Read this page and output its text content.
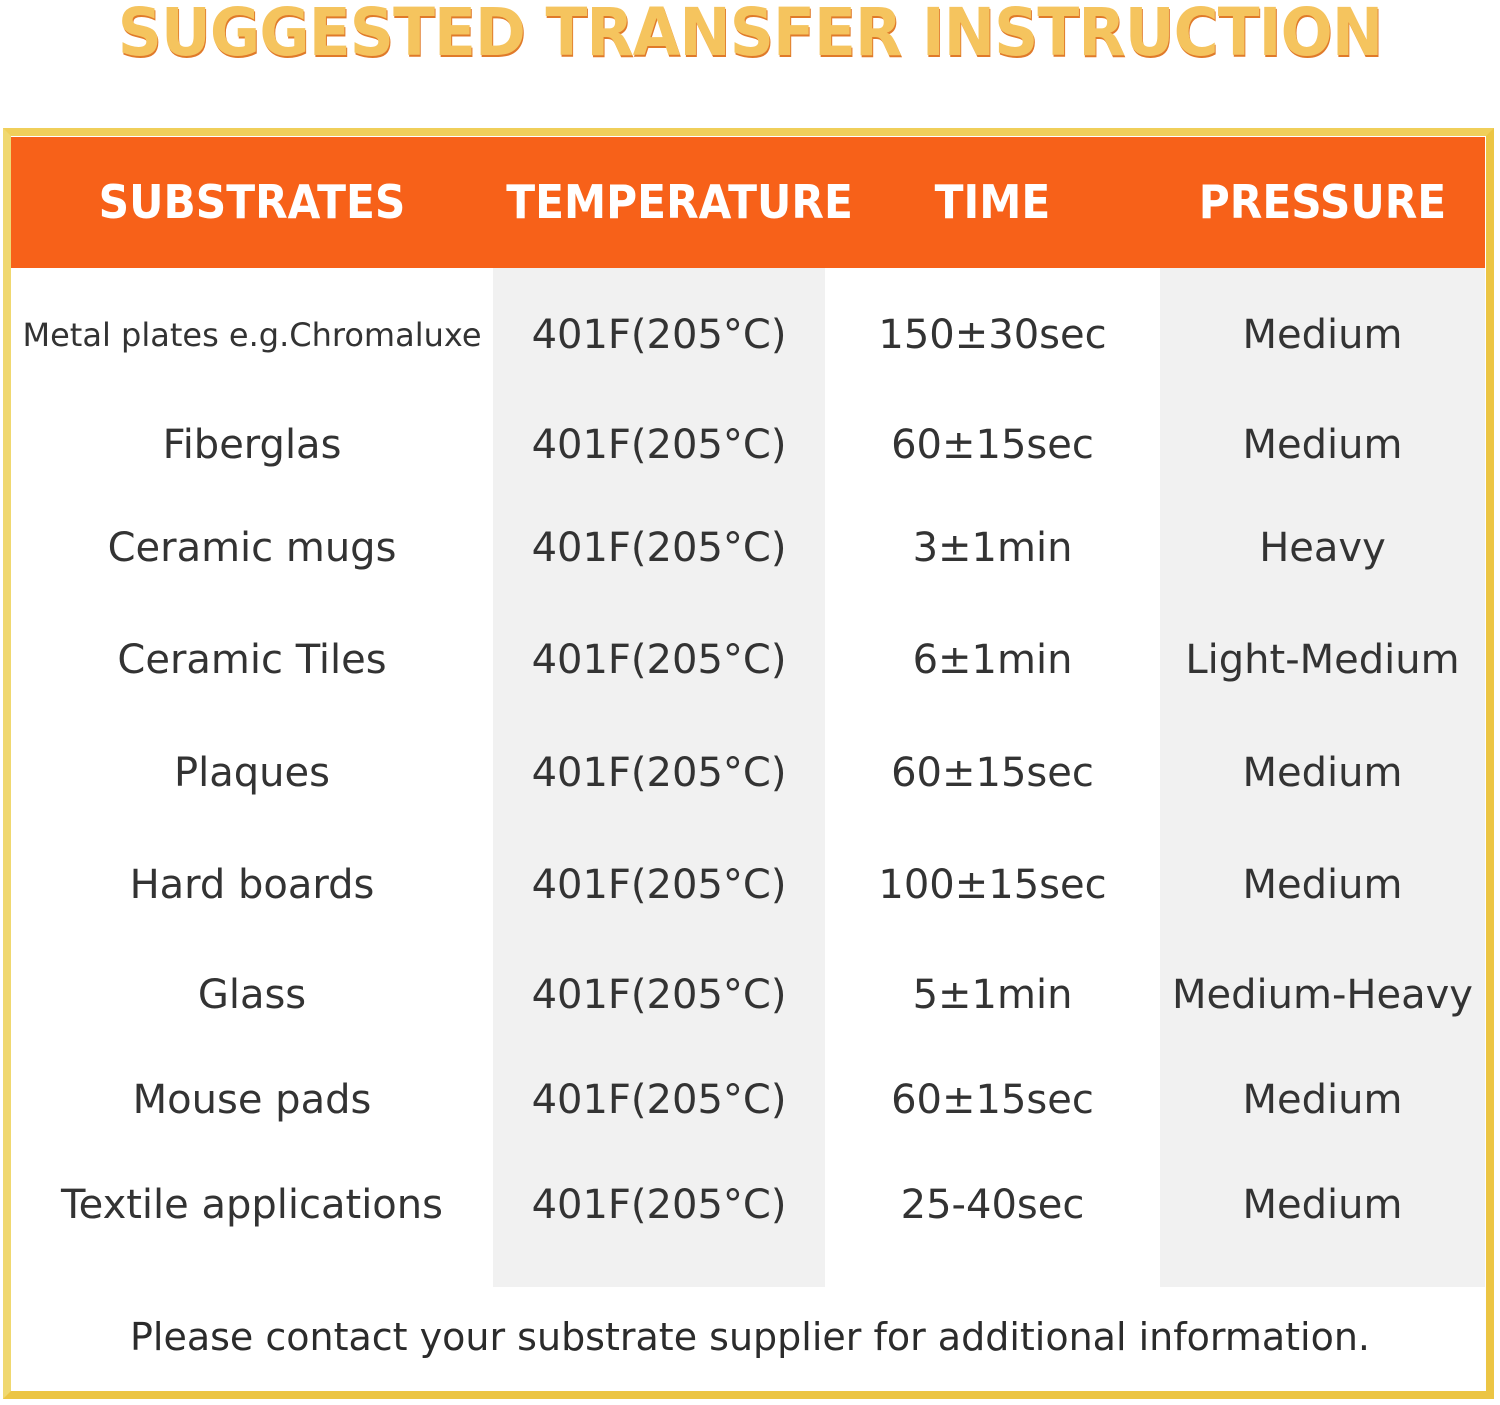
SUGGESTED TRANSFER INSTRUCTION
SUBSTRATES	TEMPERATURE	TIME	PRESSURE
Metal plates e.g.Chromaluxe	401F(205°C)	150±30sec	Medium
Fiberglas	401F(205°C)	60±15sec	Medium
Ceramic mugs	401F(205°C)	3±1min	Heavy
Ceramic Tiles	401F(205°C)	6±1min	Light-Medium
Plaques	401F(205°C)	60±15sec	Medium
Hard boards	401F(205°C)	100±15sec	Medium
Glass	401F(205°C)	5±1min	Medium-Heavy
Mouse pads	401F(205°C)	60±15sec	Medium
Textile applications	401F(205°C)	25-40sec	Medium
Please contact your substrate supplier for additional information.
